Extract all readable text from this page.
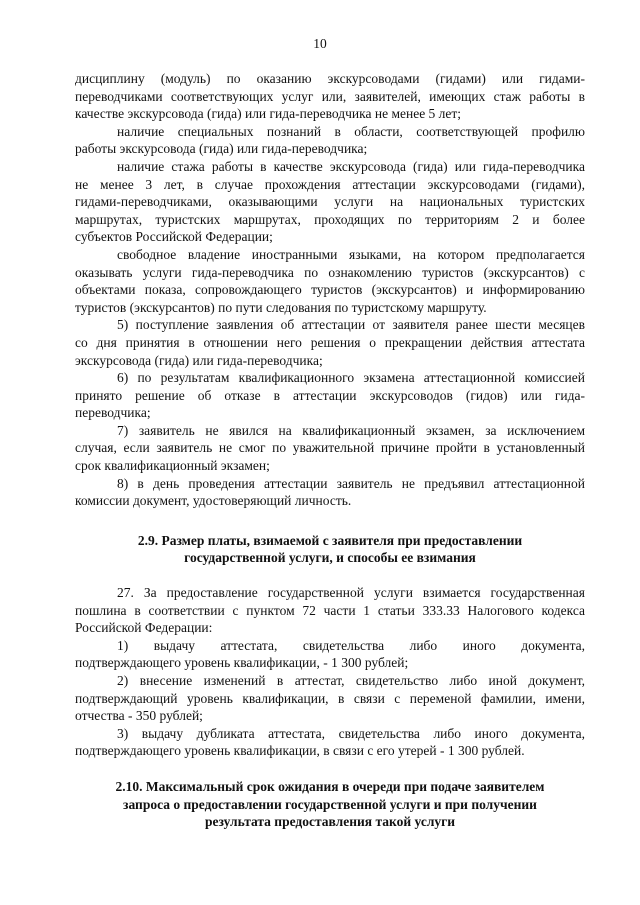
10
дисциплину (модуль) по оказанию экскурсоводами (гидами) или гидами-
переводчиками соответствующих услуг или, заявителей, имеющих стаж работы в
качестве экскурсовода (гида) или гида-переводчика не менее 5 лет;
наличие специальных познаний в области, соответствующей профилю
работы экскурсовода (гида) или гида-переводчика;
наличие стажа работы в качестве экскурсовода (гида) или гида-переводчика
не менее 3 лет, в случае прохождения аттестации экскурсоводами (гидами),
гидами-переводчиками, оказывающими услуги на национальных туристских
маршрутах, туристских маршрутах, проходящих по территориям 2 и более
субъектов Российской Федерации;
свободное владение иностранными языками, на котором предполагается
оказывать услуги гида-переводчика по ознакомлению туристов (экскурсантов) с
объектами показа, сопровождающего туристов (экскурсантов) и информированию
туристов (экскурсантов) по пути следования по туристскому маршруту.
5) поступление заявления об аттестации от заявителя ранее шести месяцев
со дня принятия в отношении него решения о прекращении действия аттестата
экскурсовода (гида) или гида-переводчика;
6) по результатам квалификационного экзамена аттестационной комиссией
принято решение об отказе в аттестации экскурсоводов (гидов) или гида-
переводчика;
7) заявитель не явился на квалификационный экзамен, за исключением
случая, если заявитель не смог по уважительной причине пройти в установленный
срок квалификационный экзамен;
8) в день проведения аттестации заявитель не предъявил аттестационной
комиссии документ, удостоверяющий личность.
2.9. Размер платы, взимаемой с заявителя при предоставлении
государственной услуги, и способы ее взимания
27. За предоставление государственной услуги взимается государственная
пошлина в соответствии с пунктом 72 части 1 статьи 333.33 Налогового кодекса
Российской Федерации:
1) выдачу аттестата, свидетельства либо иного документа,
подтверждающего уровень квалификации, - 1 300 рублей;
2) внесение изменений в аттестат, свидетельство либо иной документ,
подтверждающий уровень квалификации, в связи с переменой фамилии, имени,
отчества - 350 рублей;
3) выдачу дубликата аттестата, свидетельства либо иного документа,
подтверждающего уровень квалификации, в связи с его утерей - 1 300 рублей.
2.10. Максимальный срок ожидания в очереди при подаче заявителем
запроса о предоставлении государственной услуги и при получении
результата предоставления такой услуги
